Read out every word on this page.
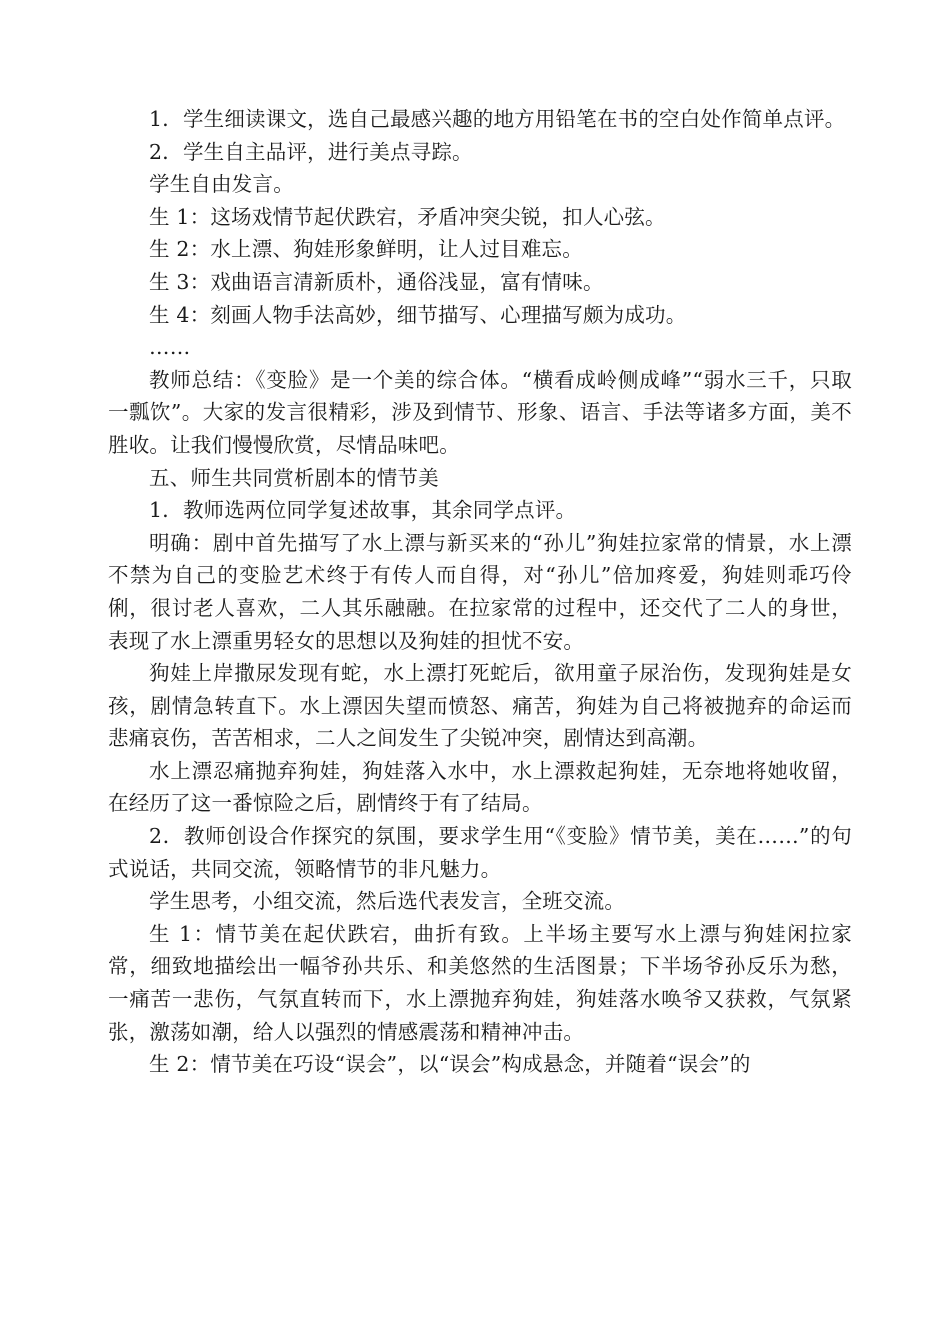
1．学生细读课文，选自己最感兴趣的地方用铅笔在书的空白处作简单点评。

2．学生自主品评，进行美点寻踪。

学生自由发言。

生 1：这场戏情节起伏跌宕，矛盾冲突尖锐，扣人心弦。

生 2：水上漂、狗娃形象鲜明，让人过目难忘。

生 3：戏曲语言清新质朴，通俗浅显，富有情味。

生 4：刻画人物手法高妙，细节描写、心理描写颇为成功。

……

教师总结：《变脸》是一个美的综合体。“横看成岭侧成峰”“弱水三千，只取一瓢饮”。大家的发言很精彩，涉及到情节、形象、语言、手法等诸多方面，美不胜收。让我们慢慢欣赏，尽情品味吧。

五、师生共同赏析剧本的情节美

1．教师选两位同学复述故事，其余同学点评。

明确：剧中首先描写了水上漂与新买来的“孙儿”狗娃拉家常的情景，水上漂不禁为自己的变脸艺术终于有传人而自得，对“孙儿”倍加疼爱，狗娃则乖巧伶俐，很讨老人喜欢，二人其乐融融。在拉家常的过程中，还交代了二人的身世，表现了水上漂重男轻女的思想以及狗娃的担忧不安。

狗娃上岸撒尿发现有蛇，水上漂打死蛇后，欲用童子尿治伤，发现狗娃是女孩，剧情急转直下。水上漂因失望而愤怒、痛苦，狗娃为自己将被抛弃的命运而悲痛哀伤，苦苦相求，二人之间发生了尖锐冲突，剧情达到高潮。

水上漂忍痛抛弃狗娃，狗娃落入水中，水上漂救起狗娃，无奈地将她收留，在经历了这一番惊险之后，剧情终于有了结局。

2．教师创设合作探究的氛围，要求学生用“《变脸》情节美，美在……”的句式说话，共同交流，领略情节的非凡魅力。

学生思考，小组交流，然后选代表发言，全班交流。

生 1：情节美在起伏跌宕，曲折有致。上半场主要写水上漂与狗娃闲拉家常，细致地描绘出一幅爷孙共乐、和美悠然的生活图景；下半场爷孙反乐为愁，一痛苦一悲伤，气氛直转而下，水上漂抛弃狗娃，狗娃落水唤爷又获救，气氛紧张，激荡如潮，给人以强烈的情感震荡和精神冲击。

生 2：情节美在巧设“误会”，以“误会”构成悬念，并随着“误会”的
